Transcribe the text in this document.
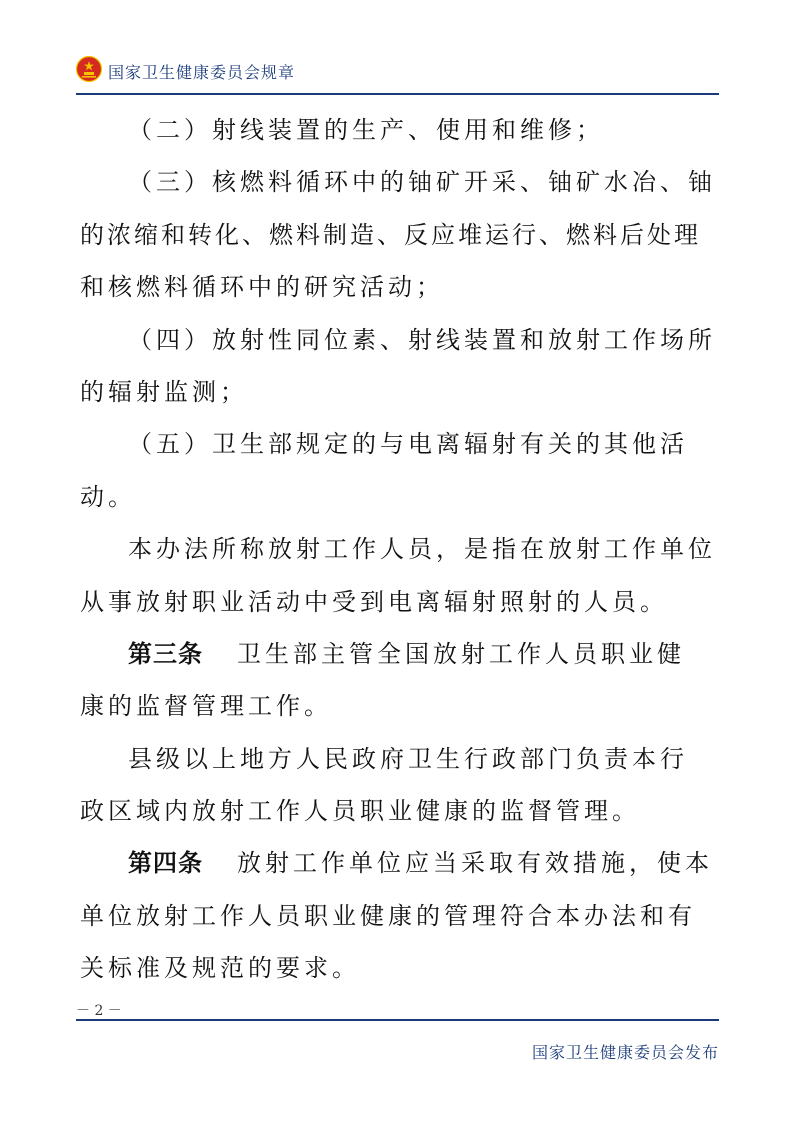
国家卫生健康委员会规章
（二）射线装置的生产、使用和维修；
（三）核燃料循环中的铀矿开采、铀矿水冶、铀
的浓缩和转化、燃料制造、反应堆运行、燃料后处理
和核燃料循环中的研究活动；
（四）放射性同位素、射线装置和放射工作场所
的辐射监测；
（五）卫生部规定的与电离辐射有关的其他活
动。
本办法所称放射工作人员，是指在放射工作单位
从事放射职业活动中受到电离辐射照射的人员。
第三条 卫生部主管全国放射工作人员职业健
康的监督管理工作。
县级以上地方人民政府卫生行政部门负责本行
政区域内放射工作人员职业健康的监督管理。
第四条 放射工作单位应当采取有效措施，使本
单位放射工作人员职业健康的管理符合本办法和有
关标准及规范的要求。
－ 2 －
国家卫生健康委员会发布
